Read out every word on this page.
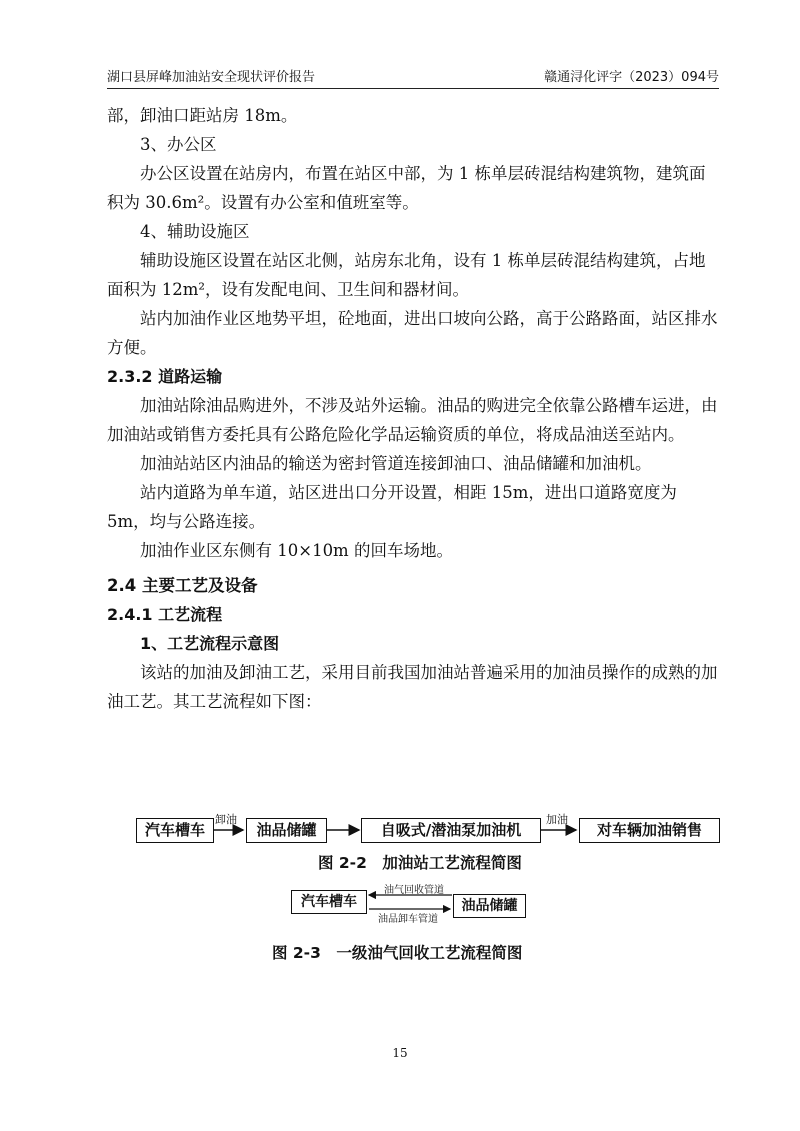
湖口县屏峰加油站安全现状评价报告	赣通浔化评字（2023）094号

部，卸油口距站房 18m。

3、办公区

办公区设置在站房内，布置在站区中部，为 1 栋单层砖混结构建筑物，建筑面积为 30.6m²。设置有办公室和值班室等。

4、辅助设施区

辅助设施区设置在站区北侧，站房东北角，设有 1 栋单层砖混结构建筑，占地面积为 12m²，设有发配电间、卫生间和器材间。

站内加油作业区地势平坦，砼地面，进出口坡向公路，高于公路路面，站区排水方便。

2.3.2 道路运输

加油站除油品购进外，不涉及站外运输。油品的购进完全依靠公路槽车运进，由加油站或销售方委托具有公路危险化学品运输资质的单位，将成品油送至站内。

加油站站区内油品的输送为密封管道连接卸油口、油品储罐和加油机。

站内道路为单车道，站区进出口分开设置，相距 15m，进出口道路宽度为 5m，均与公路连接。

加油作业区东侧有 10×10m 的回车场地。

2.4 主要工艺及设备

2.4.1 工艺流程

1、工艺流程示意图

该站的加油及卸油工艺，采用目前我国加油站普遍采用的加油员操作的成熟的加油工艺。其工艺流程如下图：

汽车槽车
卸油
油品储罐	自吸式/潜油泵加油机
加油
对车辆加油销售
图 2-2　加油站工艺流程简图
汽车槽车
油气回收管道
油品卸车管道
油品储罐
图 2-3　一级油气回收工艺流程简图
15
